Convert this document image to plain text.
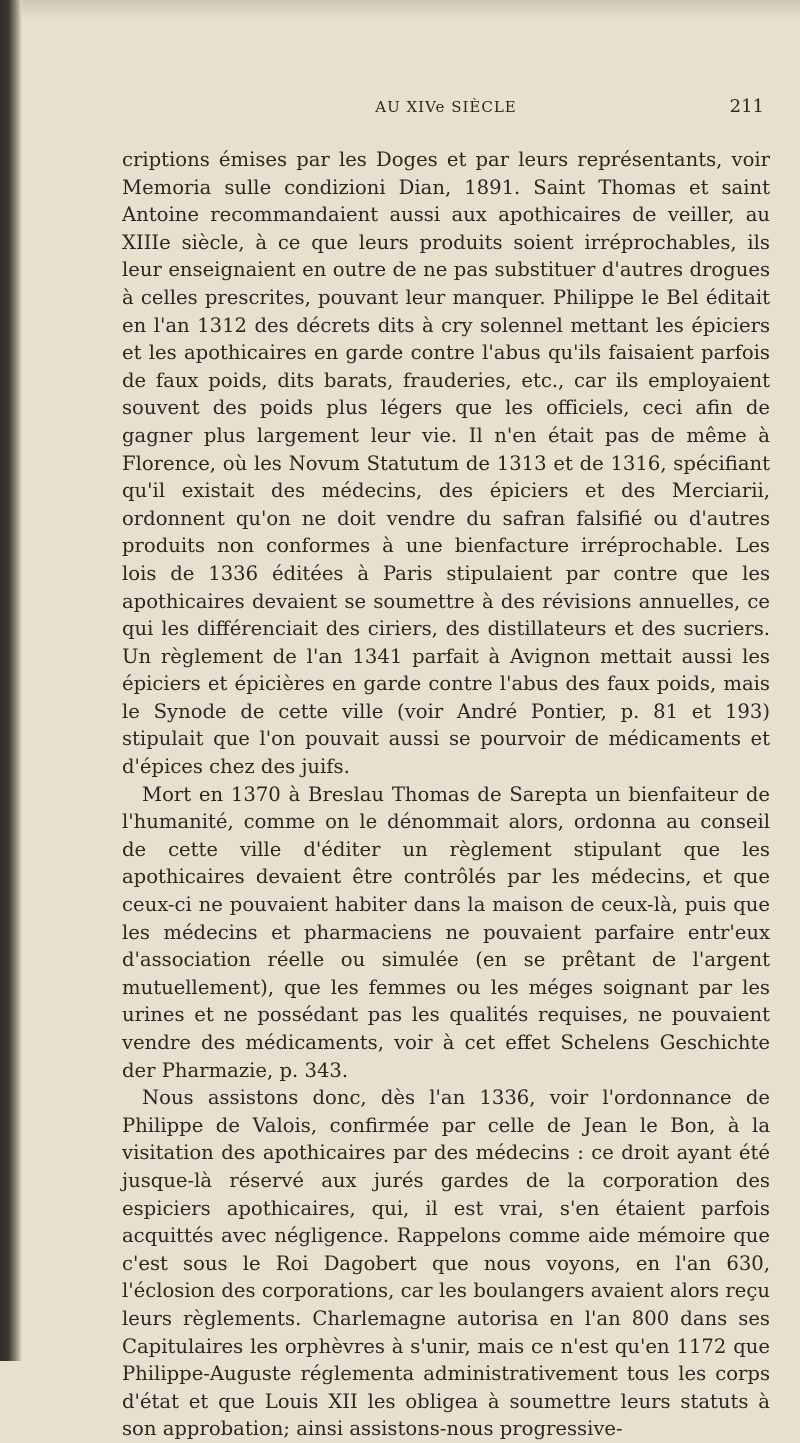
AU XIVe SIÈCLE	211

criptions émises par les Doges et par leurs représentants, voir Memoria sulle condizioni Dian, 1891. Saint Thomas et saint Antoine recommandaient aussi aux apothicaires de veiller, au XIIIe siècle, à ce que leurs produits soient irréprochables, ils leur enseignaient en outre de ne pas substituer d'autres drogues à celles prescrites, pouvant leur manquer. Philippe le Bel éditait en l'an 1312 des décrets dits à cry solennel mettant les épiciers et les apothicaires en garde contre l'abus qu'ils faisaient parfois de faux poids, dits barats, frauderies, etc., car ils employaient souvent des poids plus légers que les officiels, ceci afin de gagner plus largement leur vie. Il n'en était pas de même à Florence, où les Novum Statutum de 1313 et de 1316, spécifiant qu'il existait des médecins, des épiciers et des Merciarii, ordonnent qu'on ne doit vendre du safran falsifié ou d'autres produits non conformes à une bienfacture irréprochable. Les lois de 1336 éditées à Paris stipulaient par contre que les apothicaires devaient se soumettre à des révisions annuelles, ce qui les différenciait des ciriers, des distillateurs et des sucriers. Un règlement de l'an 1341 parfait à Avignon mettait aussi les épiciers et épicières en garde contre l'abus des faux poids, mais le Synode de cette ville (voir André Pontier, p. 81 et 193) stipulait que l'on pouvait aussi se pourvoir de médicaments et d'épices chez des juifs.

Mort en 1370 à Breslau Thomas de Sarepta un bienfaiteur de l'humanité, comme on le dénommait alors, ordonna au conseil de cette ville d'éditer un règlement stipulant que les apothicaires devaient être contrôlés par les médecins, et que ceux-ci ne pouvaient habiter dans la maison de ceux-là, puis que les médecins et pharmaciens ne pouvaient parfaire entr'eux d'association réelle ou simulée (en se prêtant de l'argent mutuellement), que les femmes ou les méges soignant par les urines et ne possédant pas les qualités requises, ne pouvaient vendre des médicaments, voir à cet effet Schelens Geschichte der Pharmazie, p. 343.

Nous assistons donc, dès l'an 1336, voir l'ordonnance de Philippe de Valois, confirmée par celle de Jean le Bon, à la visitation des apothicaires par des médecins : ce droit ayant été jusque-là réservé aux jurés gardes de la corporation des espiciers apothicaires, qui, il est vrai, s'en étaient parfois acquittés avec négligence. Rappelons comme aide mémoire que c'est sous le Roi Dagobert que nous voyons, en l'an 630, l'éclosion des corporations, car les boulangers avaient alors reçu leurs règlements. Charlemagne autorisa en l'an 800 dans ses Capitulaires les orphèvres à s'unir, mais ce n'est qu'en 1172 que Philippe-Auguste réglementa administrativement tous les corps d'état et que Louis XII les obligea à soumettre leurs statuts à son approbation; ainsi assistons-nous progressive-
